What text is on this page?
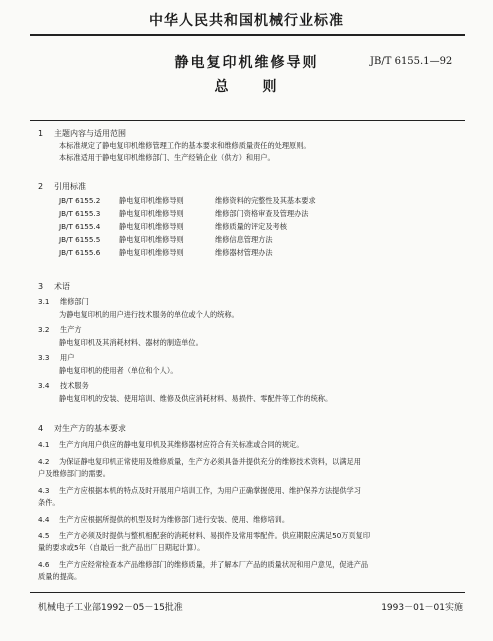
中华人民共和国机械行业标准
静电复印机维修导则
总 则
JB/T 6155.1—92
1 主题内容与适用范围
本标准规定了静电复印机维修管理工作的基本要求和维修质量责任的处理原则。
本标准适用于静电复印机维修部门、生产经销企业（供方）和用户。
2 引用标准
JB/T 6155.2	静电复印机维修导则	维修资料的完整性及其基本要求
JB/T 6155.3	静电复印机维修导则	维修部门资格审查及管理办法
JB/T 6155.4	静电复印机维修导则	维修质量的评定及考核
JB/T 6155.5	静电复印机维修导则	维修信息管理方法
JB/T 6155.6	静电复印机维修导则	维修器材管理办法
3 术语
3.1	维修部门
为静电复印机的用户进行技术服务的单位或个人的统称。
3.2	生产方
静电复印机及其消耗材料、器材的制造单位。
3.3	用户
静电复印机的使用者（单位和个人）。
3.4	技术服务
静电复印机的安装、使用培训、维修及供应消耗材料、易损件、零配件等工作的统称。
4 对生产方的基本要求
4.1	生产方向用户供应的静电复印机及其维修器材应符合有关标准或合同的规定。
4.2	为保证静电复印机正常使用及维修质量，生产方必须具备并提供充分的维修技术资料，以满足用
户及维修部门的需要。
4.3	生产方应根据本机的特点及时开展用户培训工作，为用户正确掌握使用、维护保养方法提供学习
条件。
4.4	生产方应根据所提供的机型及时为维修部门进行安装、使用、维修培训。
4.5	生产方必须及时提供与整机相配套的消耗材料、易损件及常用零配件。供应期限应满足50万页复印
量的要求或5年（自最后一批产品出厂日期起计算）。
4.6	生产方应经常检查本产品维修部门的维修质量，并了解本厂产品的质量状况和用户意见，促进产品
质量的提高。
机械电子工业部1992－05－15批准	1993－01－01实施
